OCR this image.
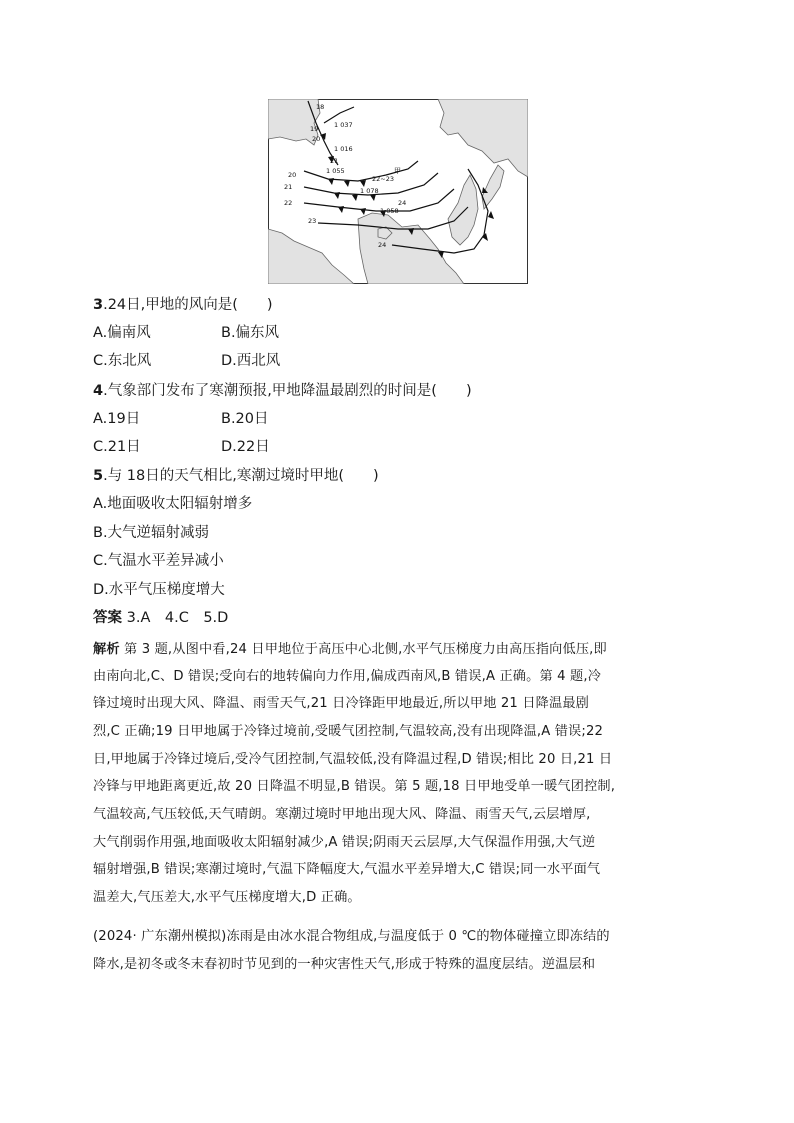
18
19
20
21
20
21
22
23
24
22~23
24
1 037
1 016
1 055
1 078
1 058
甲
3.24日,甲地的风向是(　　)
A.偏南风	B.偏东风
C.东北风	D.西北风
4.气象部门发布了寒潮预报,甲地降温最剧烈的时间是(　　)
A.19日	B.20日
C.21日	D.22日
5.与 18日的天气相比,寒潮过境时甲地(　　)
A.地面吸收太阳辐射增多
B.大气逆辐射减弱
C.气温水平差异减小
D.水平气压梯度增大
答案 3.A　4.C　5.D
解析 第 3 题,从图中看,24 日甲地位于高压中心北侧,水平气压梯度力由高压指向低压,即
由南向北,C、D 错误;受向右的地转偏向力作用,偏成西南风,B 错误,A 正确。第 4 题,冷
锋过境时出现大风、降温、雨雪天气,21 日冷锋距甲地最近,所以甲地 21 日降温最剧
烈,C 正确;19 日甲地属于冷锋过境前,受暖气团控制,气温较高,没有出现降温,A 错误;22
日,甲地属于冷锋过境后,受冷气团控制,气温较低,没有降温过程,D 错误;相比 20 日,21 日
冷锋与甲地距离更近,故 20 日降温不明显,B 错误。第 5 题,18 日甲地受单一暖气团控制,
气温较高,气压较低,天气晴朗。寒潮过境时甲地出现大风、降温、雨雪天气,云层增厚,
大气削弱作用强,地面吸收太阳辐射减少,A 错误;阴雨天云层厚,大气保温作用强,大气逆
辐射增强,B 错误;寒潮过境时,气温下降幅度大,气温水平差异增大,C 错误;同一水平面气
温差大,气压差大,水平气压梯度增大,D 正确。
(2024· 广东潮州模拟)冻雨是由冰水混合物组成,与温度低于 0 ℃的物体碰撞立即冻结的
降水,是初冬或冬末春初时节见到的一种灾害性天气,形成于特殊的温度层结。逆温层和
